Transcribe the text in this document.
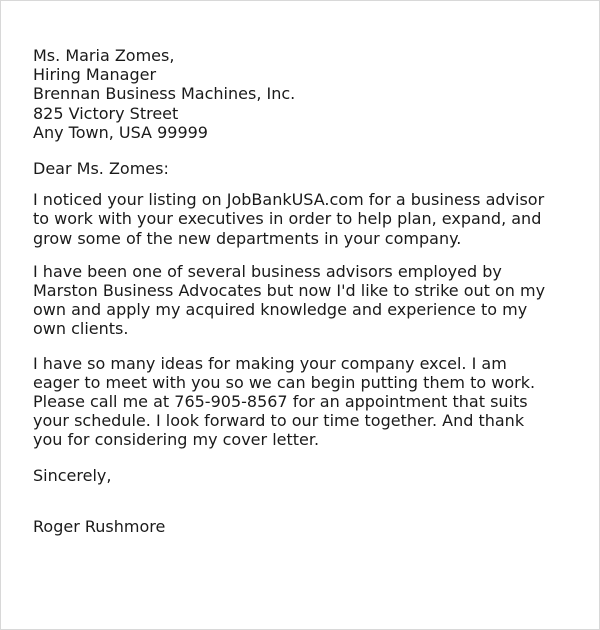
Ms. Maria Zomes,
Hiring Manager
Brennan Business Machines, Inc.
825 Victory Street
Any Town, USA 99999
Dear Ms. Zomes:
I noticed your listing on JobBankUSA.com for a business advisor
to work with your executives in order to help plan, expand, and
grow some of the new departments in your company.
I have been one of several business advisors employed by
Marston Business Advocates but now I'd like to strike out on my
own and apply my acquired knowledge and experience to my
own clients.
I have so many ideas for making your company excel. I am
eager to meet with you so we can begin putting them to work.
Please call me at 765-905-8567 for an appointment that suits
your schedule. I look forward to our time together. And thank
you for considering my cover letter.
Sincerely,
Roger Rushmore
